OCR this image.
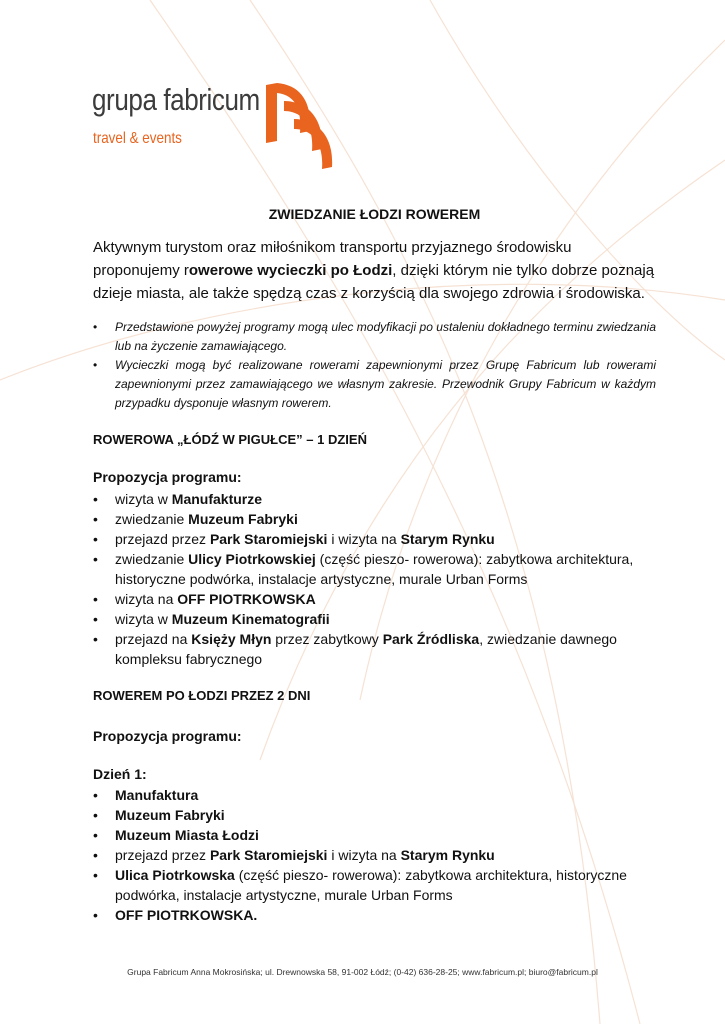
grupa fabricum
travel & events
ZWIEDZANIE ŁODZI ROWEREM
Aktywnym turystom oraz miłośnikom transportu przyjaznego środowisku proponujemy rowerowe wycieczki po Łodzi, dzięki którym nie tylko dobrze poznają dzieje miasta, ale także spędzą czas z korzyścią dla swojego zdrowia i środowiska.
• Przedstawione powyżej programy mogą ulec modyfikacji po ustaleniu dokładnego terminu zwiedzania lub na życzenie zamawiającego.
• Wycieczki mogą być realizowane rowerami zapewnionymi przez Grupę Fabricum lub rowerami zapewnionymi przez zamawiającego we własnym zakresie. Przewodnik Grupy Fabricum w każdym przypadku dysponuje własnym rowerem.
ROWEROWA „ŁÓDŹ W PIGUŁCE” – 1 DZIEŃ
Propozycja programu:
• wizyta w Manufakturze
• zwiedzanie Muzeum Fabryki
• przejazd przez Park Staromiejski i wizyta na Starym Rynku
• zwiedzanie Ulicy Piotrkowskiej (część pieszo- rowerowa): zabytkowa architektura, historyczne podwórka, instalacje artystyczne, murale Urban Forms
• wizyta na OFF PIOTRKOWSKA
• wizyta w Muzeum Kinematografii
• przejazd na Księży Młyn przez zabytkowy Park Źródliska, zwiedzanie dawnego kompleksu fabrycznego
ROWEREM PO ŁODZI PRZEZ 2 DNI
Propozycja programu:
Dzień 1:
• Manufaktura
• Muzeum Fabryki
• Muzeum Miasta Łodzi
• przejazd przez Park Staromiejski i wizyta na Starym Rynku
• Ulica Piotrkowska (część pieszo- rowerowa): zabytkowa architektura, historyczne podwórka, instalacje artystyczne, murale Urban Forms
• OFF PIOTRKOWSKA.
Grupa Fabricum Anna Mokrosińska; ul. Drewnowska 58, 91-002 Łódź; (0-42) 636-28-25; www.fabricum.pl; biuro@fabricum.pl
